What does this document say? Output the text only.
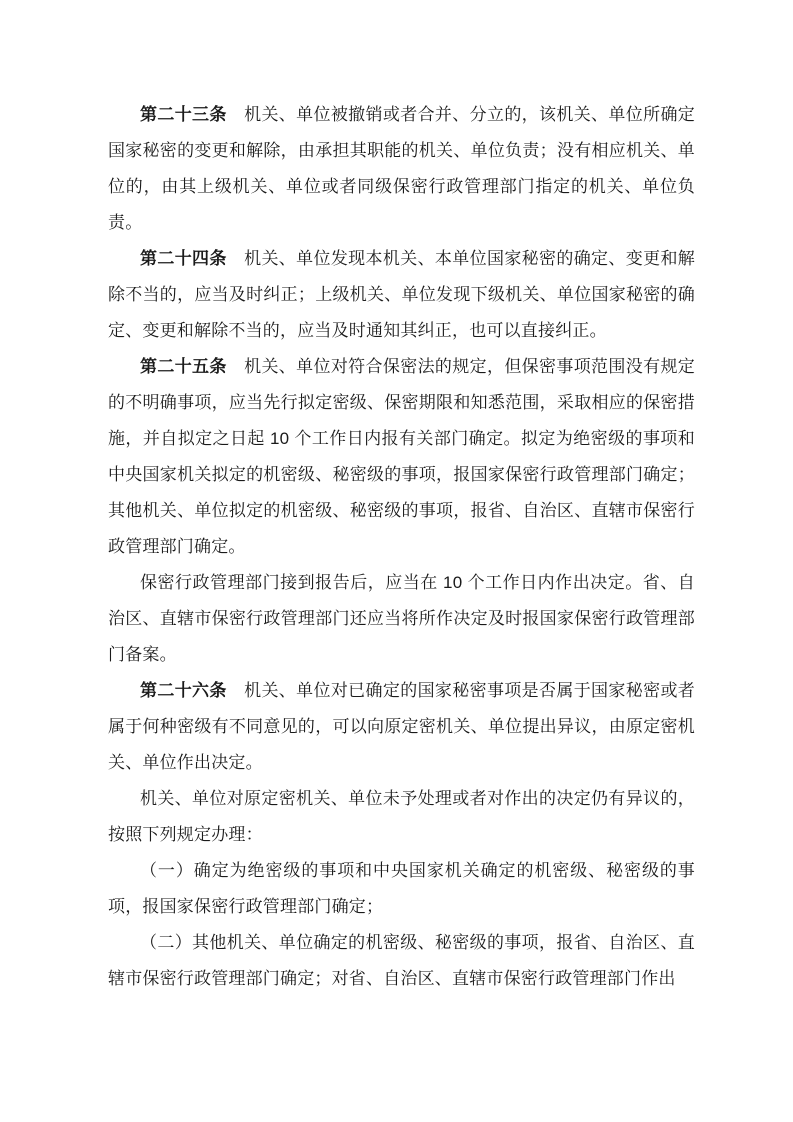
第二十三条　机关、单位被撤销或者合并、分立的，该机关、单位所确定国家秘密的变更和解除，由承担其职能的机关、单位负责；没有相应机关、单位的，由其上级机关、单位或者同级保密行政管理部门指定的机关、单位负责。

第二十四条　机关、单位发现本机关、本单位国家秘密的确定、变更和解除不当的，应当及时纠正；上级机关、单位发现下级机关、单位国家秘密的确定、变更和解除不当的，应当及时通知其纠正，也可以直接纠正。

第二十五条　机关、单位对符合保密法的规定，但保密事项范围没有规定的不明确事项，应当先行拟定密级、保密期限和知悉范围，采取相应的保密措施，并自拟定之日起 10 个工作日内报有关部门确定。拟定为绝密级的事项和中央国家机关拟定的机密级、秘密级的事项，报国家保密行政管理部门确定；其他机关、单位拟定的机密级、秘密级的事项，报省、自治区、直辖市保密行政管理部门确定。

保密行政管理部门接到报告后，应当在 10 个工作日内作出决定。省、自治区、直辖市保密行政管理部门还应当将所作决定及时报国家保密行政管理部门备案。

第二十六条　机关、单位对已确定的国家秘密事项是否属于国家秘密或者属于何种密级有不同意见的，可以向原定密机关、单位提出异议，由原定密机关、单位作出决定。

机关、单位对原定密机关、单位未予处理或者对作出的决定仍有异议的，按照下列规定办理：

（一）确定为绝密级的事项和中央国家机关确定的机密级、秘密级的事项，报国家保密行政管理部门确定；

（二）其他机关、单位确定的机密级、秘密级的事项，报省、自治区、直辖市保密行政管理部门确定；对省、自治区、直辖市保密行政管理部门作出
